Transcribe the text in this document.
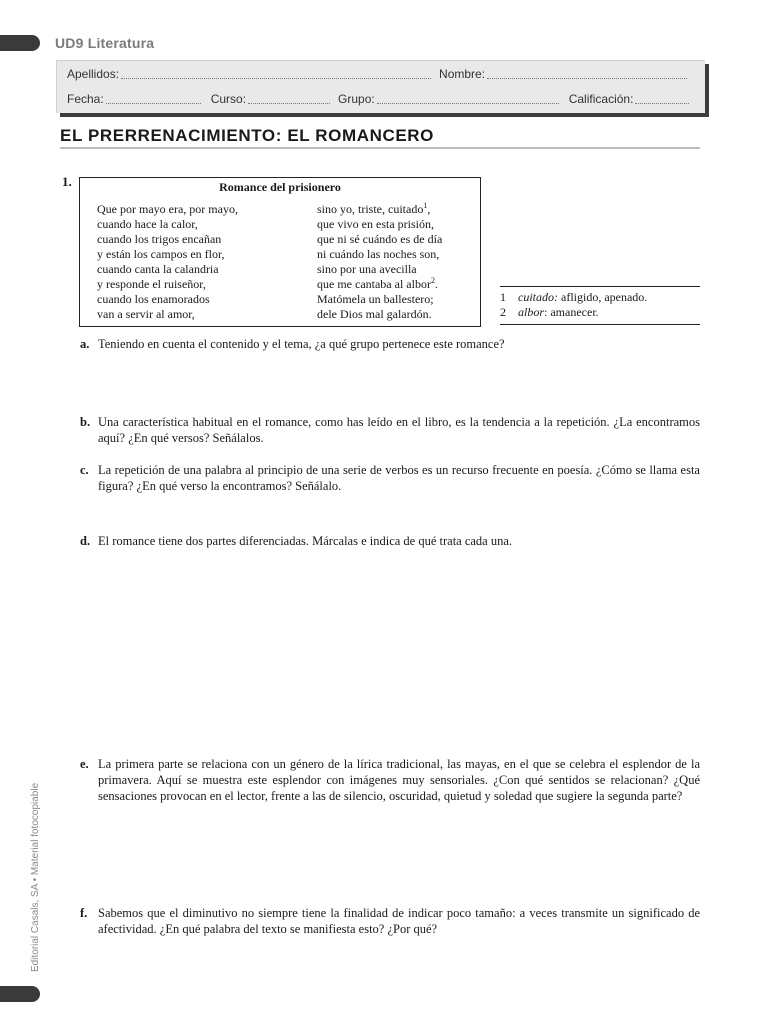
UD9 Literatura
Apellidos:	Nombre:
Fecha:	Curso:	Grupo:	Calificación:
EL PRERRENACIMIENTO: EL ROMANCERO
1.	Romance del prisionero
Que por mayo era, por mayo,
cuando hace la calor,
cuando los trigos encañan
y están los campos en flor,
cuando canta la calandria
y responde el ruiseñor,
cuando los enamorados
van a servir al amor,
sino yo, triste, cuitado$^1$,
que vivo en esta prisión,
que ni sé cuándo es de día
ni cuándo las noches son,
sino por una avecilla
que me cantaba al albor$^2$.
Matómela un ballestero;
dele Dios mal galardón.
1 cuitado: afligido, apenado.
2 albor: amanecer.
a. Teniendo en cuenta el contenido y el tema, ¿a qué grupo pertenece este romance?
b. Una característica habitual en el romance, como has leído en el libro, es la tendencia a la repetición. ¿La encontramos aquí? ¿En qué versos? Señálalos.
c. La repetición de una palabra al principio de una serie de verbos es un recurso frecuente en poesía. ¿Cómo se llama esta figura? ¿En qué verso la encontramos? Señálalo.
d. El romance tiene dos partes diferenciadas. Márcalas e indica de qué trata cada una.
e. La primera parte se relaciona con un género de la lírica tradicional, las mayas, en el que se celebra el esplendor de la primavera. Aquí se muestra este esplendor con imágenes muy sensoriales. ¿Con qué sentidos se relacionan? ¿Qué sensaciones provocan en el lector, frente a las de silencio, oscuridad, quietud y soledad que sugiere la segunda parte?
f. Sabemos que el diminutivo no siempre tiene la finalidad de indicar poco tamaño: a veces transmite un significado de afectividad. ¿En qué palabra del texto se manifiesta esto? ¿Por qué?
Editorial Casals, SA • Material fotocopiable
